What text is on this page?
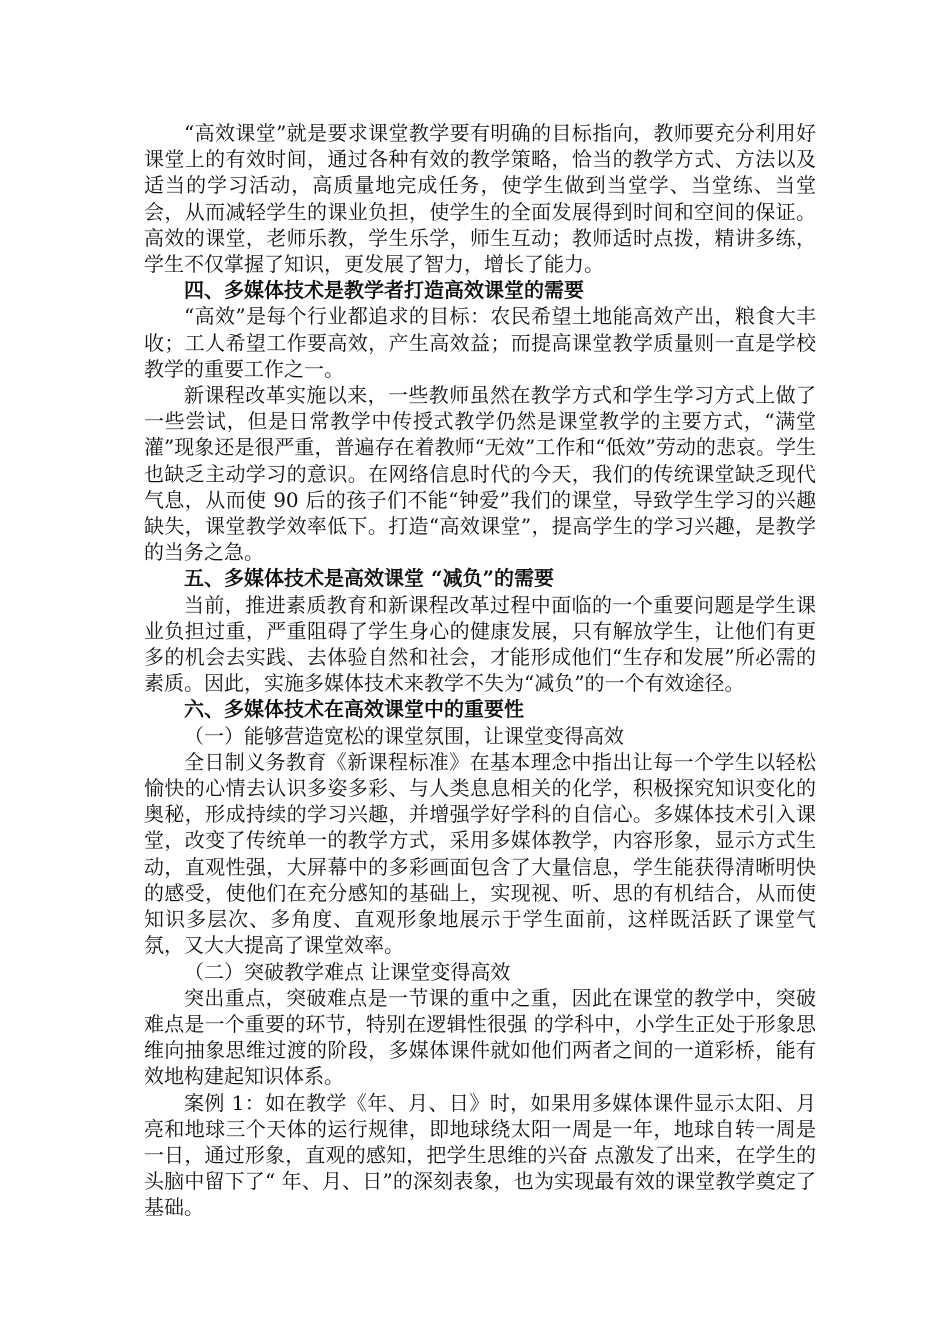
“高效课堂”就是要求课堂教学要有明确的目标指向，教师要充分利用好课堂上的有效时间，通过各种有效的教学策略，恰当的教学方式、方法以及适当的学习活动，高质量地完成任务，使学生做到当堂学、当堂练、当堂会，从而减轻学生的课业负担，使学生的全面发展得到时间和空间的保证。高效的课堂，老师乐教，学生乐学，师生互动；教师适时点拨，精讲多练，学生不仅掌握了知识，更发展了智力，增长了能力。

四、多媒体技术是教学者打造高效课堂的需要

“高效”是每个行业都追求的目标：农民希望土地能高效产出，粮食大丰收；工人希望工作要高效，产生高效益；而提高课堂教学质量则一直是学校教学的重要工作之一。

新课程改革实施以来，一些教师虽然在教学方式和学生学习方式上做了一些尝试，但是日常教学中传授式教学仍然是课堂教学的主要方式，“满堂灌”现象还是很严重，普遍存在着教师“无效”工作和“低效”劳动的悲哀。学生也缺乏主动学习的意识。在网络信息时代的今天，我们的传统课堂缺乏现代气息，从而使 90 后的孩子们不能“钟爱”我们的课堂，导致学生学习的兴趣缺失，课堂教学效率低下。打造“高效课堂”，提高学生的学习兴趣，是教学的当务之急。

五、多媒体技术是高效课堂 “减负”的需要

当前，推进素质教育和新课程改革过程中面临的一个重要问题是学生课业负担过重，严重阻碍了学生身心的健康发展，只有解放学生，让他们有更多的机会去实践、去体验自然和社会，才能形成他们“生存和发展”所必需的素质。因此，实施多媒体技术来教学不失为“减负”的一个有效途径。

六、多媒体技术在高效课堂中的重要性

（一）能够营造宽松的课堂氛围，让课堂变得高效

全日制义务教育《新课程标准》在基本理念中指出让每一个学生以轻松愉快的心情去认识多姿多彩、与人类息息相关的化学，积极探究知识变化的奥秘，形成持续的学习兴趣，并增强学好学科的自信心。多媒体技术引入课堂，改变了传统单一的教学方式，采用多媒体教学，内容形象，显示方式生动，直观性强，大屏幕中的多彩画面包含了大量信息，学生能获得清晰明快的感受，使他们在充分感知的基础上，实现视、听、思的有机结合，从而使知识多层次、多角度、直观形象地展示于学生面前，这样既活跃了课堂气氛，又大大提高了课堂效率。

（二）突破教学难点 让课堂变得高效

突出重点，突破难点是一节课的重中之重，因此在课堂的教学中，突破难点是一个重要的环节，特别在逻辑性很强 的学科中，小学生正处于形象思维向抽象思维过渡的阶段，多媒体课件就如他们两者之间的一道彩桥，能有效地构建起知识体系。

案例 1：如在教学《年、月、日》时，如果用多媒体课件显示太阳、月亮和地球三个天体的运行规律，即地球绕太阳一周是一年，地球自转一周是一日，通过形象，直观的感知，把学生思维的兴奋 点激发了出来，在学生的头脑中留下了“ 年、月、日”的深刻表象，也为实现最有效的课堂教学奠定了基础。
